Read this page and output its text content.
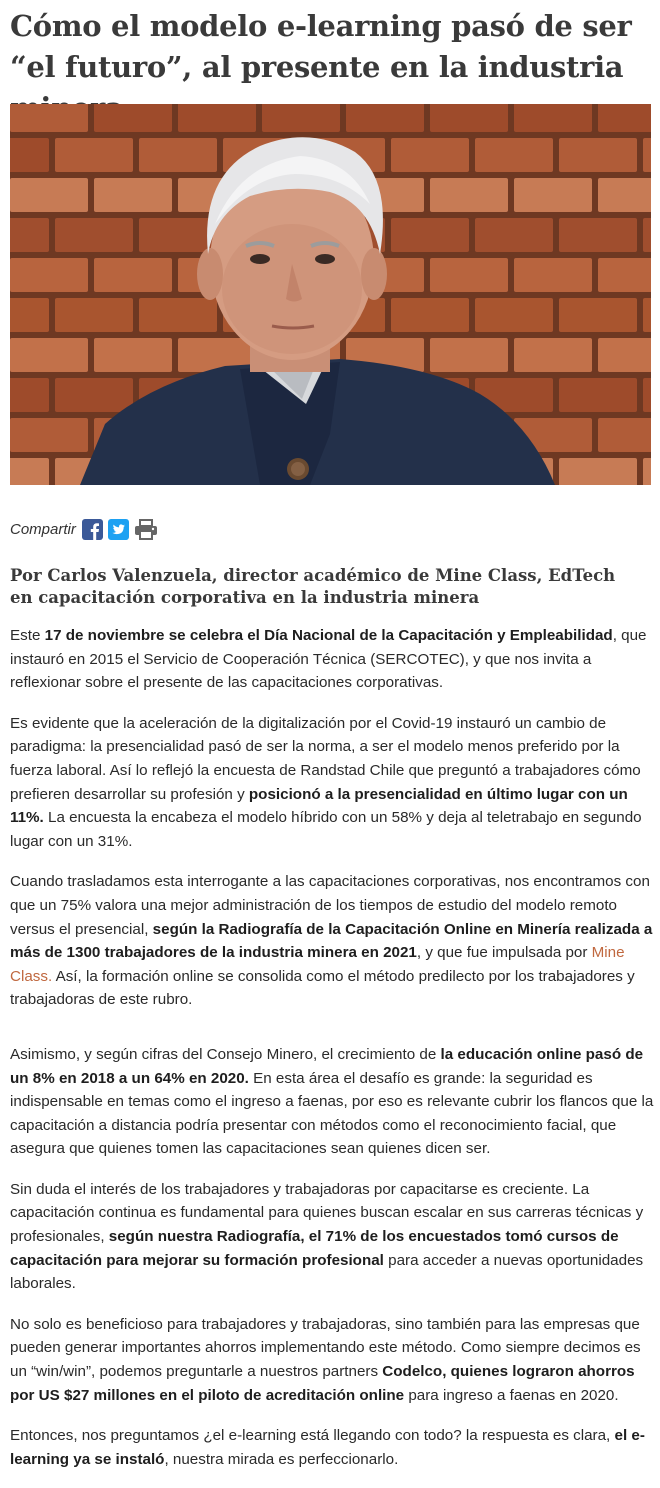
Cómo el modelo e-learning pasó de ser “el futuro”, al presente en la industria
Compartir
Por Carlos Valenzuela, director académico de Mine Class, EdTech en capacitación corporativa en la industria minera

Este 17 de noviembre se celebra el Día Nacional de la Capacitación y Empleabilidad, que instauró en 2015 el Servicio de Cooperación Técnica (SERCOTEC), y que nos invita a reflexionar sobre el presente de las capacitaciones corporativas.

Es evidente que la aceleración de la digitalización por el Covid-19 instauró un cambio de paradigma: la presencialidad pasó de ser la norma, a ser el modelo menos preferido por la fuerza laboral. Así lo reflejó la encuesta de Randstad Chile que preguntó a trabajadores cómo prefieren desarrollar su profesión y posicionó a la presencialidad en último lugar con un 11%. La encuesta la encabeza el modelo híbrido con un 58% y deja al teletrabajo en segundo lugar con un 31%.

Cuando trasladamos esta interrogante a las capacitaciones corporativas, nos encontramos con que un 75% valora una mejor administración de los tiempos de estudio del modelo remoto versus el presencial, según la Radiografía de la Capacitación Online en Minería realizada a más de 1300 trabajadores de la industria minera en 2021, y que fue impulsada por Mine Class. Así, la formación online se consolida como el método predilecto por los trabajadores y trabajadoras de este rubro.

Asimismo, y según cifras del Consejo Minero, el crecimiento de la educación online pasó de un 8% en 2018 a un 64% en 2020. En esta área el desafío es grande: la seguridad es indispensable en temas como el ingreso a faenas, por eso es relevante cubrir los flancos que la capacitación a distancia podría presentar con métodos como el reconocimiento facial, que asegura que quienes tomen las capacitaciones sean quienes dicen ser.

Sin duda el interés de los trabajadores y trabajadoras por capacitarse es creciente. La capacitación continua es fundamental para quienes buscan escalar en sus carreras técnicas y profesionales, según nuestra Radiografía, el 71% de los encuestados tomó cursos de capacitación para mejorar su formación profesional para acceder a nuevas oportunidades laborales.

No solo es beneficioso para trabajadores y trabajadoras, sino también para las empresas que pueden generar importantes ahorros implementando este método. Como siempre decimos es un “win/win”, podemos preguntarle a nuestros partners Codelco, quienes lograron ahorros por US $27 millones en el piloto de acreditación online para ingreso a faenas en 2020.

Entonces, nos preguntamos ¿el e-learning está llegando con todo? la respuesta es clara, el e-learning ya se instaló, nuestra mirada es perfeccionarlo.
